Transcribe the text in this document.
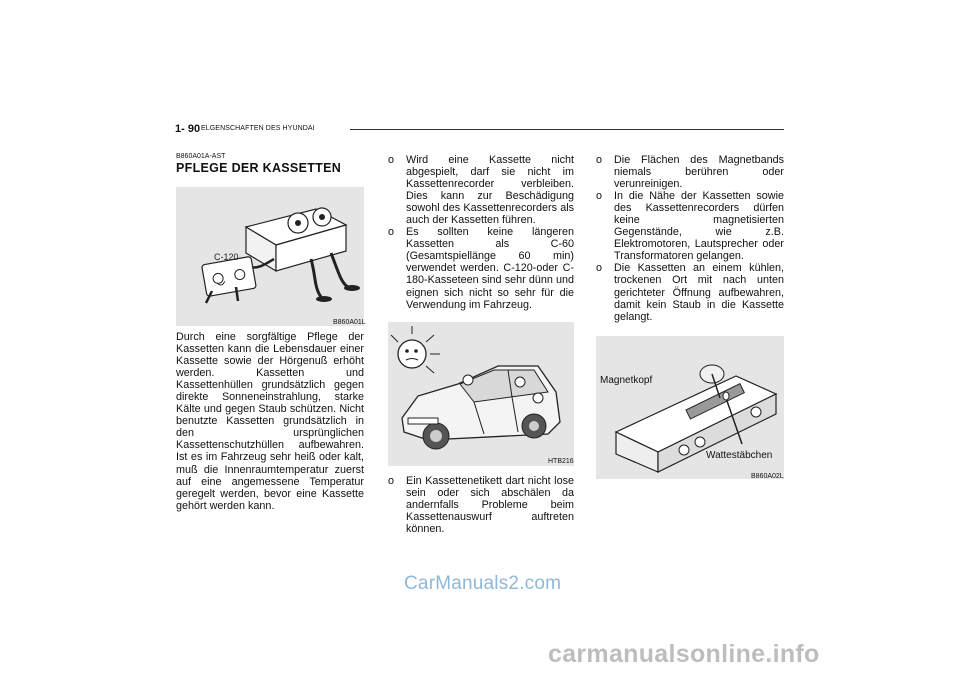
1- 90 ELGENSCHAFTEN DES HYUNDAI
B860A01A-AST
PFLEGE DER KASSETTEN
C-120
B860A01L
Durch eine sorgfältige Pflege der Kassetten kann die Lebensdauer einer Kassette sowie der Hörgenuß erhöht werden. Kassetten und Kassettenhüllen grundsätzlich gegen direkte Sonneneinstrahlung, starke Kälte und gegen Staub schützen. Nicht benutzte Kassetten grundsätzlich in den ursprünglichen Kassettenschutzhüllen aufbewahren. Ist es im Fahrzeug sehr heiß oder kalt, muß die Innenraumtemperatur zuerst auf eine angemessene Temperatur geregelt werden, bevor eine Kassette gehört werden kann.
o Wird eine Kassette nicht abgespielt, darf sie nicht im Kassettenrecorder verbleiben. Dies kann zur Beschädigung sowohl des Kassettenrecorders als auch der Kassetten führen.
o Es sollten keine längeren Kassetten als C-60 (Gesamtspiellänge 60 min) verwendet werden. C-120-oder C-180-Kasseteen sind sehr dünn und eignen sich nicht so sehr für die Verwendung im Fahrzeug.
HTB216
o Ein Kassettenetikett dart nicht lose sein oder sich abschälen da andernfalls Probleme beim Kassettenauswurf auftreten können.
o Die Flächen des Magnetbands niemals berühren oder verunreinigen.
o In die Nähe der Kassetten sowie des Kassettenrecorders dürfen keine magnetisierten Gegenstände, wie z.B. Elektromotoren, Lautsprecher oder Transformatoren gelangen.
o Die Kassetten an einem kühlen, trockenen Ort mit nach unten gerichteter Öffnung aufbewahren, damit kein Staub in die Kassette gelangt.
Magnetkopf
Wattestäbchen
B860A02L
CarManuals2.com
carmanualsonline.info
